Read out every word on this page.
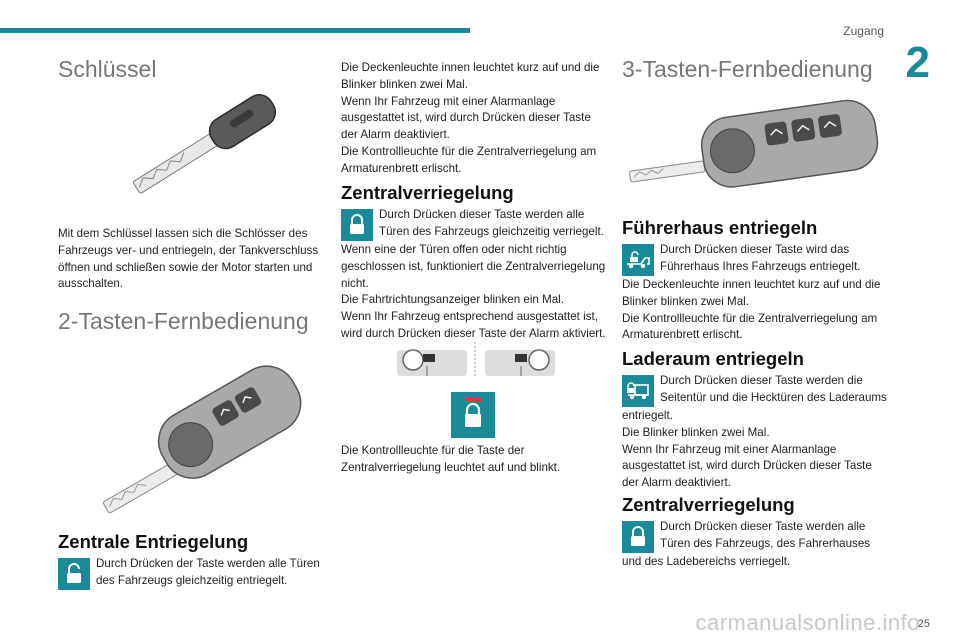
Zugang
2
Schlüssel

Mit dem Schlüssel lassen sich die Schlösser des Fahrzeugs ver- und entriegeln, der Tankverschluss öffnen und schließen sowie der Motor starten und ausschalten.

2-Tasten-Fernbedienung
Zentrale Entriegelung

Durch Drücken der Taste werden alle Türen des Fahrzeugs gleichzeitig entriegelt.

Die Deckenleuchte innen leuchtet kurz auf und die Blinker blinken zwei Mal.
Wenn Ihr Fahrzeug mit einer Alarmanlage ausgestattet ist, wird durch Drücken dieser Taste der Alarm deaktiviert.
Die Kontrollleuchte für die Zentralverriegelung am Armaturenbrett erlischt.

Zentralverriegelung

Durch Drücken dieser Taste werden alle Türen des Fahrzeugs gleichzeitig verriegelt.

Wenn eine der Türen offen oder nicht richtig geschlossen ist, funktioniert die Zentralverriegelung nicht.
Die Fahrtrichtungsanzeiger blinken ein Mal.
Wenn Ihr Fahrzeug entsprechend ausgestattet ist, wird durch Drücken dieser Taste der Alarm aktiviert.

Die Kontrollleuchte für die Taste der Zentralverriegelung leuchtet auf und blinkt.

3-Tasten-Fernbedienung
Führerhaus entriegeln

Durch Drücken dieser Taste wird das Führerhaus Ihres Fahrzeugs entriegelt.

Die Deckenleuchte innen leuchtet kurz auf und die Blinker blinken zwei Mal.
Die Kontrollleuchte für die Zentralverriegelung am Armaturenbrett erlischt.

Laderaum entriegeln

Durch Drücken dieser Taste werden die Seitentür und die Hecktüren des Laderaums

entriegelt.
Die Blinker blinken zwei Mal.
Wenn Ihr Fahrzeug mit einer Alarmanlage ausgestattet ist, wird durch Drücken dieser Taste der Alarm deaktiviert.

Zentralverriegelung

Durch Drücken dieser Taste werden alle Türen des Fahrzeugs, des Fahrerhauses

und des Ladebereichs verriegelt.

25
carmanualsonline.info
